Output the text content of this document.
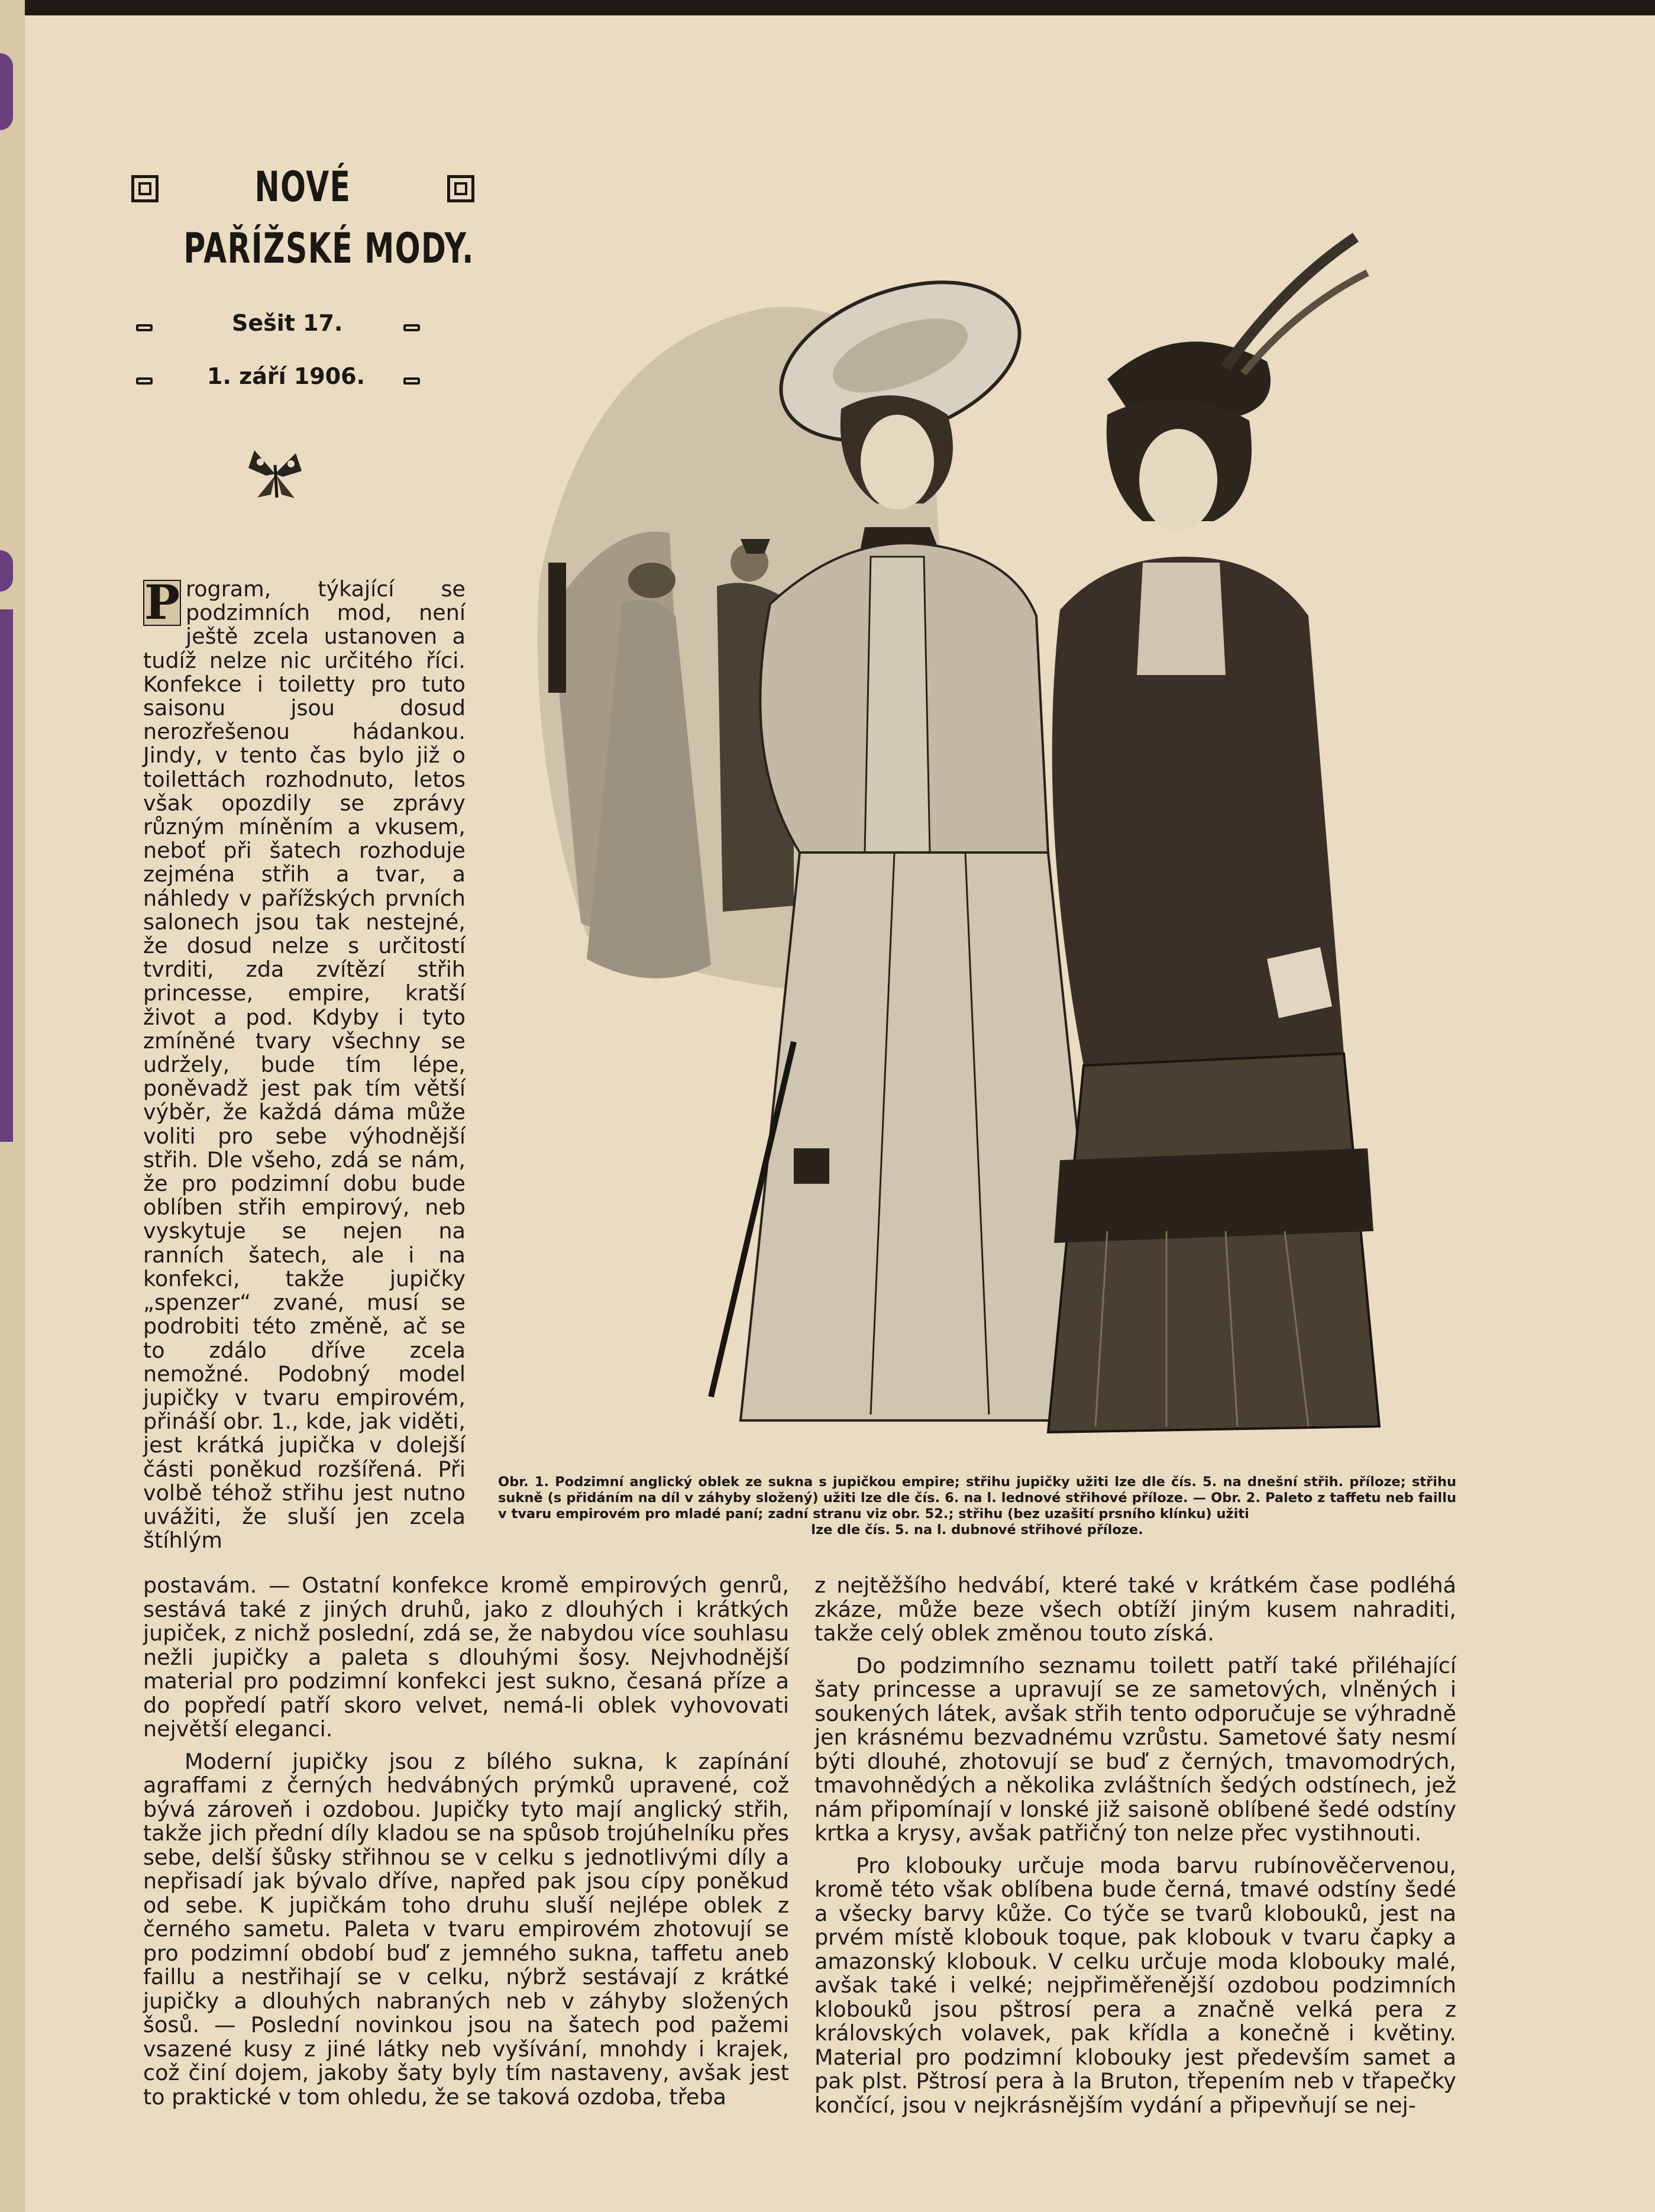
NOVÉ
PAŘÍŽSKÉ MODY.
Sešit 17.
1. září 1906.

P rogram, týkající se podzimních mod, není ještě zcela ustanoven a tudíž nelze nic určitého říci. Konfekce i toiletty pro tuto saisonu jsou dosud nerozřešenou hádankou. Jindy, v tento čas bylo již o toilettách rozhodnuto, letos však opozdily se zprávy různým míněním a vkusem, neboť při šatech rozhoduje zejména střih a tvar, a náhledy v pařížských prvních salonech jsou tak nestejné, že dosud nelze s určitostí tvrditi, zda zvítězí střih princesse, empire, kratší život a pod. Kdyby i tyto zmíněné tvary všechny se udržely, bude tím lépe, poněvadž jest pak tím větší výběr, že každá dáma může voliti pro sebe výhodnější střih. Dle všeho, zdá se nám, že pro podzimní dobu bude oblíben střih empirový, neb vyskytuje se nejen na ranních šatech, ale i na konfekci, takže jupičky „spenzer“ zvané, musí se podrobiti této změně, ač se to zdálo dříve zcela nemožné. Podobný model jupičky v tvaru empirovém, přináší obr. 1., kde, jak viděti, jest krátká jupička v dolejší části poněkud rozšířená. Při volbě téhož střihu jest nutno uvážiti, že sluší jen zcela štíhlým

Obr. 1. Podzimní anglický oblek ze sukna s jupičkou empire; střihu jupičky užiti lze dle čís. 5. na dnešní střih. příloze; střihu sukně (s přidáním na díl v záhyby složený) užiti lze dle čís. 6. na l. lednové střihové příloze. — Obr. 2. Paleto z taffetu neb faillu v tvaru empirovém pro mladé paní; zadní stranu viz obr. 52.; střihu (bez uzašití prsního klínku) užiti
lze dle čís. 5. na l. dubnové střihové příloze.

postavám. — Ostatní konfekce kromě empirových genrů, sestává také z jiných druhů, jako z dlouhých i krátkých jupiček, z nichž poslední, zdá se, že nabydou více souhlasu nežli jupičky a paleta s dlouhými šosy. Nejvhodnější material pro podzimní konfekci jest sukno, česaná příze a do popředí patří skoro velvet, nemá-li oblek vyhovovati největší eleganci.

Moderní jupičky jsou z bílého sukna, k zapínání agraffami z černých hedvábných prýmků upravené, což bývá zároveň i ozdobou. Jupičky tyto mají anglický střih, takže jich přední díly kladou se na spůsob trojúhelníku přes sebe, delší šůsky střihnou se v celku s jednotlivými díly a nepřisadí jak bývalo dříve, napřed pak jsou cípy poněkud od sebe. K jupičkám toho druhu sluší nejlépe oblek z černého sametu. Paleta v tvaru empirovém zhotovují se pro podzimní období buď z jemného sukna, taffetu aneb faillu a nestřihají se v celku, nýbrž sestávají z krátké jupičky a dlouhých nabraných neb v záhyby složených šosů. — Poslední novinkou jsou na šatech pod pažemi vsazené kusy z jiné látky neb vyšívání, mnohdy i krajek, což činí dojem, jakoby šaty byly tím nastaveny, avšak jest to praktické v tom ohledu, že se taková ozdoba, třeba

z nejtěžšího hedvábí, které také v krátkém čase podléhá zkáze, může beze všech obtíží jiným kusem nahraditi, takže celý oblek změnou touto získá.

Do podzimního seznamu toilett patří také přiléhající šaty princesse a upravují se ze sametových, vlněných i soukených látek, avšak střih tento odporučuje se výhradně jen krásnému bezvadnému vzrůstu. Sametové šaty nesmí býti dlouhé, zhotovují se buď z černých, tmavomodrých, tmavohnědých a několika zvláštních šedých odstínech, jež nám připomínají v lonské již saisoně oblíbené šedé odstíny krtka a krysy, avšak patřičný ton nelze přec vystihnouti.

Pro klobouky určuje moda barvu rubínověčervenou, kromě této však oblíbena bude černá, tmavé odstíny šedé a všecky barvy kůže. Co týče se tvarů klobouků, jest na prvém místě klobouk toque, pak klobouk v tvaru čapky a amazonský klobouk. V celku určuje moda klobouky malé, avšak také i velké; nejpřiměřenější ozdobou podzimních klobouků jsou pštrosí pera a značně velká pera z královských volavek, pak křídla a konečně i květiny. Material pro podzimní klobouky jest především samet a pak plst. Pštrosí pera à la Bruton, třepením neb v třapečky končící, jsou v nejkrásnějším vydání a připevňují se nej-
